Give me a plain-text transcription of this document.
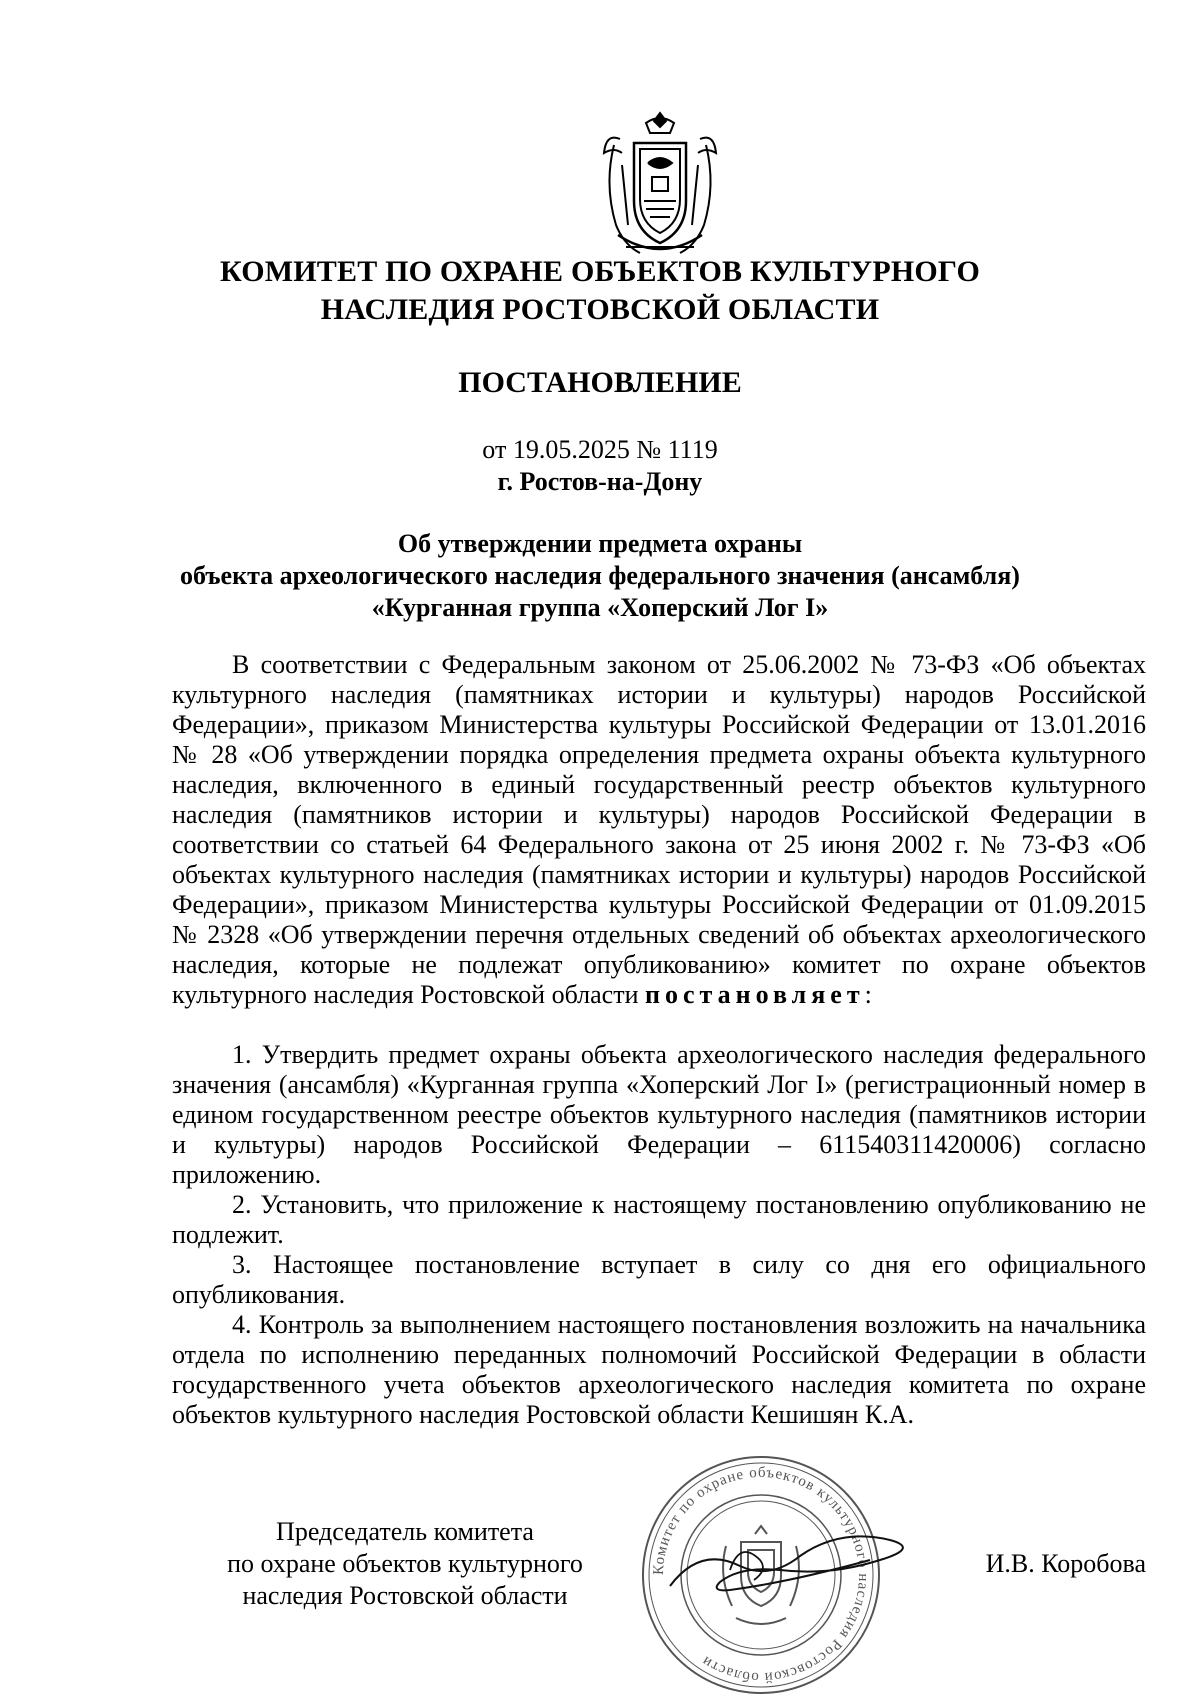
КОМИТЕТ ПО ОХРАНЕ ОБЪЕКТОВ КУЛЬТУРНОГО
НАСЛЕДИЯ РОСТОВСКОЙ ОБЛАСТИ
ПОСТАНОВЛЕНИЕ
от 19.05.2025 № 1119
г. Ростов-на-Дону
Об утверждении предмета охраны
объекта археологического наследия федерального значения (ансамбля)
«Курганная группа «Хоперский Лог I»

В соответствии с Федеральным законом от 25.06.2002 № 73-ФЗ «Об объектах культурного наследия (памятниках истории и культуры) народов Российской Федерации», приказом Министерства культуры Российской Федерации от 13.01.2016 № 28 «Об утверждении порядка определения предмета охраны объекта культурного наследия, включенного в единый государственный реестр объектов культурного наследия (памятников истории и культуры) народов Российской Федерации в соответствии со статьей 64 Федерального закона от 25 июня 2002 г. № 73-ФЗ «Об объектах культурного наследия (памятниках истории и культуры) народов Российской Федерации», приказом Министерства культуры Российской Федерации от 01.09.2015 № 2328 «Об утверждении перечня отдельных сведений об объектах археологического наследия, которые не подлежат опубликованию» комитет по охране объектов культурного наследия Ростовской области постановляет:

1. Утвердить предмет охраны объекта археологического наследия федерального значения (ансамбля) «Курганная группа «Хоперский Лог I» (регистрационный номер в едином государственном реестре объектов культурного наследия (памятников истории и культуры) народов Российской Федерации – 611540311420006) согласно приложению.

2. Установить, что приложение к настоящему постановлению опубликованию не подлежит.

3. Настоящее постановление вступает в силу со дня его официального опубликования.

4. Контроль за выполнением настоящего постановления возложить на начальника отдела по исполнению переданных полномочий Российской Федерации в области государственного учета объектов археологического наследия комитета по охране объектов культурного наследия Ростовской области Кешишян К.А.

Комитет по охране объектов культурного наследия Ростовской области
Председатель комитета
по охране объектов культурного
наследия Ростовской области
И.В. Коробова
